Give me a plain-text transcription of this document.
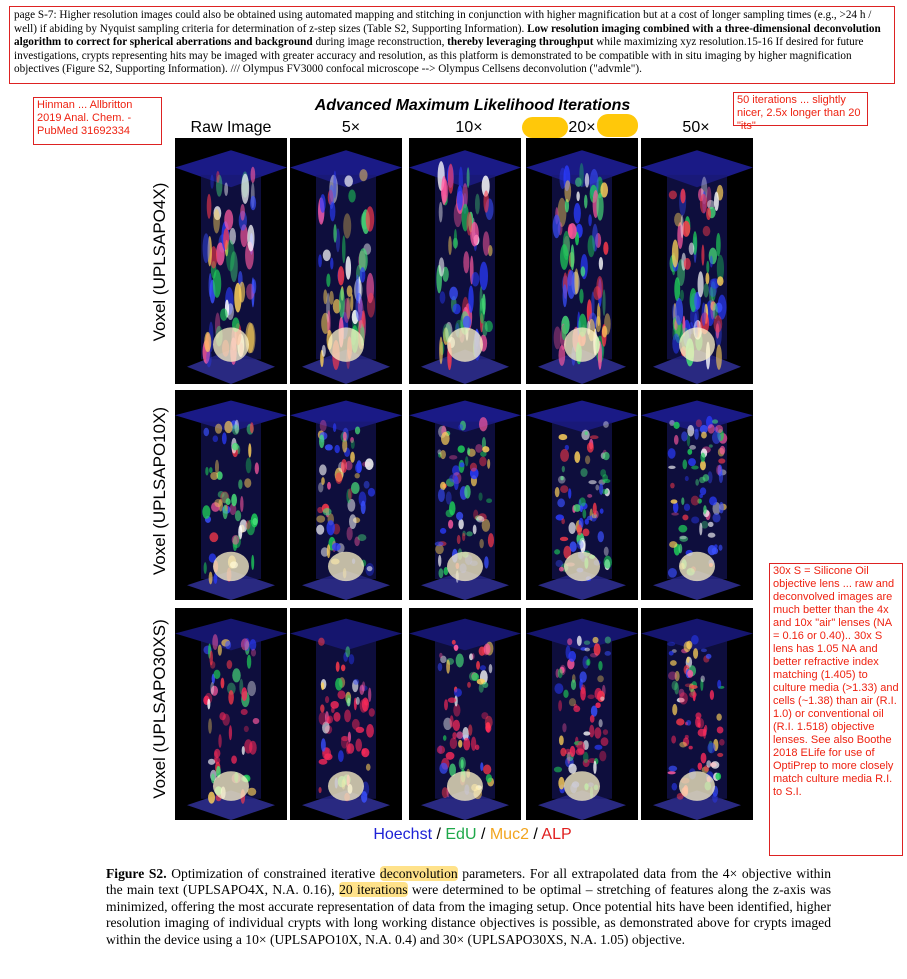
page S-7: Higher resolution images could also be obtained using automated mapping and stitching in conjunction with higher magnification but at a cost of longer sampling times (e.g., >24 h / well) if abiding by Nyquist sampling criteria for determination of z-step sizes (Table S2, Supporting Information). Low resolution imaging combined with a three-dimensional deconvolution algorithm to correct for spherical aberrations and background during image reconstruction, thereby leveraging throughput while maximizing xyz resolution.15-16 If desired for future investigations, crypts representing hits may be imaged with greater accuracy and resolution, as this platform is demonstrated to be compatible with in situ imaging by higher magnification objectives (Figure S2, Supporting Information). /// Olympus FV3000 confocal microscope --> Olympus Cellsens deconvolution ("advmle").
Hinman ... Allbritton 2019 Anal. Chem. - PubMed 31692334
50 iterations ... slightly nicer, 2.5x longer than 20 "its"
30x S = Silicone Oil objective lens ... raw and deconvolved images are much better than the 4x and 10x "air" lenses (NA = 0.16 or 0.40).. 30x S lens has 1.05 NA and better refractive index matching (1.405) to culture media (>1.33) and cells (~1.38) than air (R.I. 1.0) or conventional oil (R.I. 1.518) objective lenses. See also Boothe 2018 ELife for use of OptiPrep to more closely match culture media R.I. to S.I.
Advanced Maximum Likelihood Iterations
Raw Image	5×	10×	20×	50×
Voxel (UPLSAPO4X)
Voxel (UPLSAPO10X)
Voxel (UPLSAPO30XS)
Hoechst / EdU / Muc2 / ALP
Figure S2. Optimization of constrained iterative deconvolution parameters. For all extrapolated data from the 4× objective within the main text (UPLSAPO4X, N.A. 0.16), 20 iterations were determined to be optimal – stretching of features along the z-axis was minimized, offering the most accurate representation of data from the imaging setup. Once potential hits have been identified, higher resolution imaging of individual crypts with long working distance objectives is possible, as demonstrated above for crypts imaged within the device using a 10× (UPLSAPO10X, N.A. 0.4) and 30× (UPLSAPO30XS, N.A. 1.05) objective.
